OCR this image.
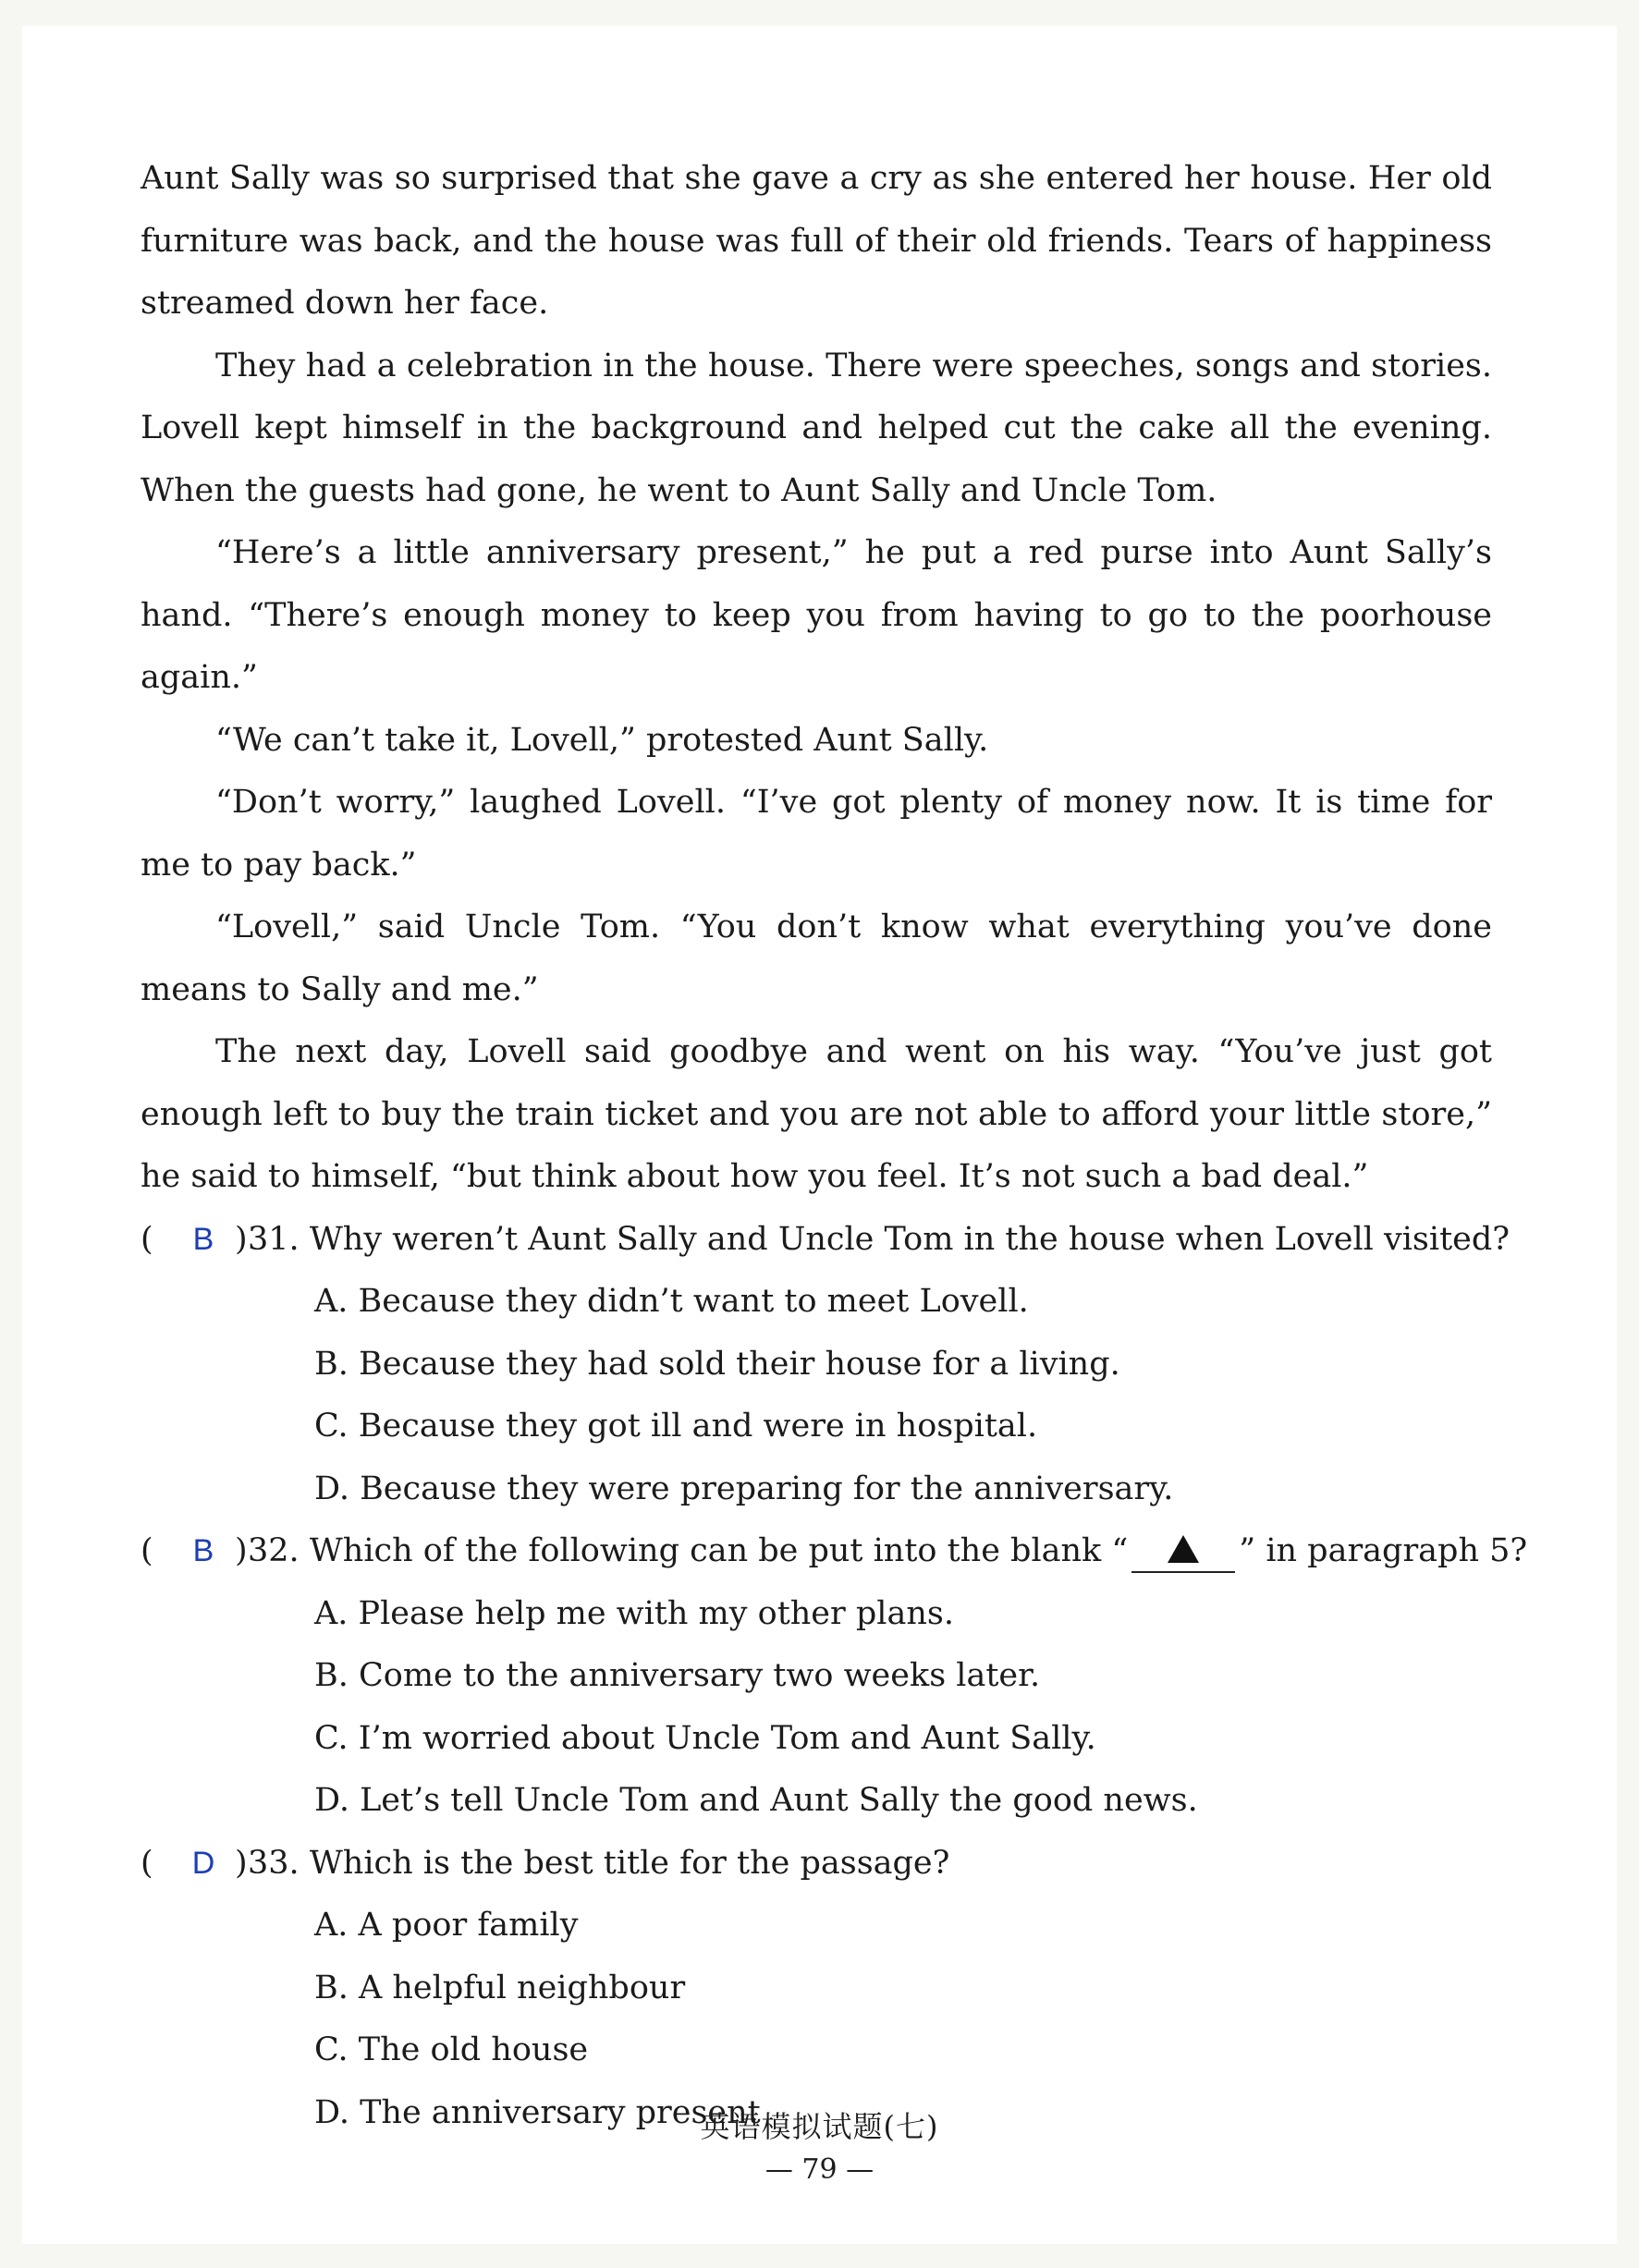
Aunt Sally was so surprised that she gave a cry as she entered her house. Her old furniture was back, and the house was full of their old friends. Tears of happiness streamed down her face.

They had a celebration in the house. There were speeches, songs and stories. Lovell kept himself in the background and helped cut the cake all the evening. When the guests had gone, he went to Aunt Sally and Uncle Tom.

“Here’s a little anniversary present,” he put a red purse into Aunt Sally’s hand. “There’s enough money to keep you from having to go to the poorhouse again.”

“We can’t take it, Lovell,” protested Aunt Sally.

“Don’t worry,” laughed Lovell. “I’ve got plenty of money now. It is time for me to pay back.”

“Lovell,” said Uncle Tom. “You don’t know what everything you’ve done means to Sally and me.”

The next day, Lovell said goodbye and went on his way. “You’ve just got enough left to buy the train ticket and you are not able to afford your little store,” he said to himself, “but think about how you feel. It’s not such a bad deal.”

( B )31. Why weren’t Aunt Sally and Uncle Tom in the house when Lovell visited?

A. Because they didn’t want to meet Lovell.

B. Because they had sold their house for a living.

C. Because they got ill and were in hospital.

D. Because they were preparing for the anniversary.

( B )32. Which of the following can be put into the blank “	” in paragraph 5?

A. Please help me with my other plans.

B. Come to the anniversary two weeks later.

C. I’m worried about Uncle Tom and Aunt Sally.

D. Let’s tell Uncle Tom and Aunt Sally the good news.

( D )33. Which is the best title for the passage?

A. A poor family

B. A helpful neighbour

C. The old house

D. The anniversary present

英语模拟试题(七)
— 79 —
